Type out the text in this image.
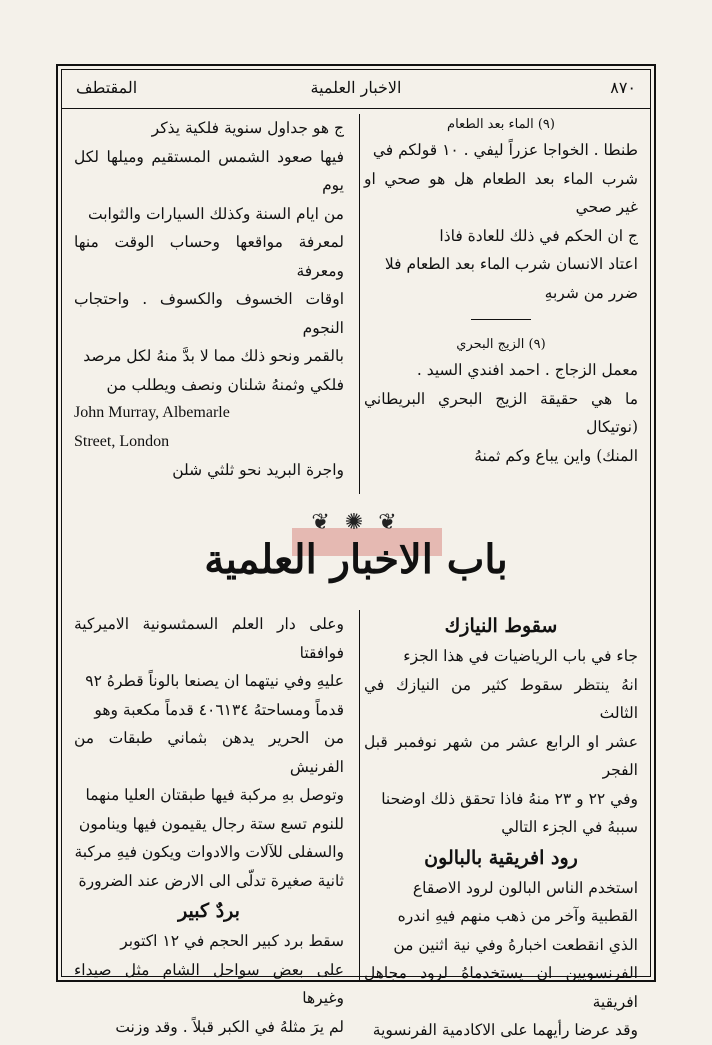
٨٧٠
الاخبار العلمية
المقتطف

(٩) الماء بعد الطعام

طنطا . الخواجا عزراً ليفي . ١٠ قولكم في

شرب الماء بعد الطعام هل هو صحي او غير صحي

ج ان الحكم في ذلك للعادة فاذا

اعتاد الانسان شرب الماء بعد الطعام فلا

ضرر من شربهِ

(٩) الزيج البحري

معمل الزجاج . احمد افندي السيد .

ما هي حقيقة الزيج البحري البريطاني (نوتيكال

المنك) واين يباع وكم ثمنهُ

ج هو جداول سنوية فلكية يذكر

فيها صعود الشمس المستقيم وميلها لكل يوم

من ايام السنة وكذلك السيارات والثوابت

لمعرفة مواقعها وحساب الوقت منها ومعرفة

اوقات الخسوف والكسوف . واحتجاب النجوم

بالقمر ونحو ذلك مما لا بدَّ منهُ لكل مرصد

فلكي وثمنهُ شلنان ونصف ويطلب من

John Murray, Albemarle

Street, London

واجرة البريد نحو ثلثي شلن

❦ ✺ ❦
باب الاخبار العلمية

سقوط النيازك

جاء في باب الرياضيات في هذا الجزء

انهُ ينتظر سقوط كثير من النيازك في الثالث

عشر او الرابع عشر من شهر نوفمبر قبل الفجر

وفي ٢٢ و ٢٣ منهُ فاذا تحقق ذلك اوضحنا

سببهُ في الجزء التالي

رود افريقية بالبالون

استخدم الناس البالون لرود الاصقاع

القطبية وآخر من ذهب منهم فيهِ اندره

الذي انقطعت اخبارهُ وفي نية اثنين من

الفرنسويين ان يستخدماهُ لرود مجاهل افريقية

وقد عرضا رأيهما على الاكادمية الفرنسوية

وعلى دار العلم السمثسونية الاميركية فوافقتا

عليهِ وفي نيتهما ان يصنعا بالوناً قطرهُ ٩٢

قدماً ومساحتهُ ٤٠٦١٣٤ قدماً مكعبة وهو

من الحرير يدهن بثماني طبقات من الفرنيش

وتوصل بهِ مركبة فيها طبقتان العليا منهما

للنوم تسع ستة رجال يقيمون فيها وينامون

والسفلى للآلات والادوات ويكون فيهِ مركبة

ثانية صغيرة تدلّى الى الارض عند الضرورة

بردٌ كبير

سقط برد كبير الحجم في ١٢ اكتوبر

على بعض سواحل الشام مثل صيداء وغيرها

لم يرَ مثلهُ في الكبر قبلاً . وقد وزنت
